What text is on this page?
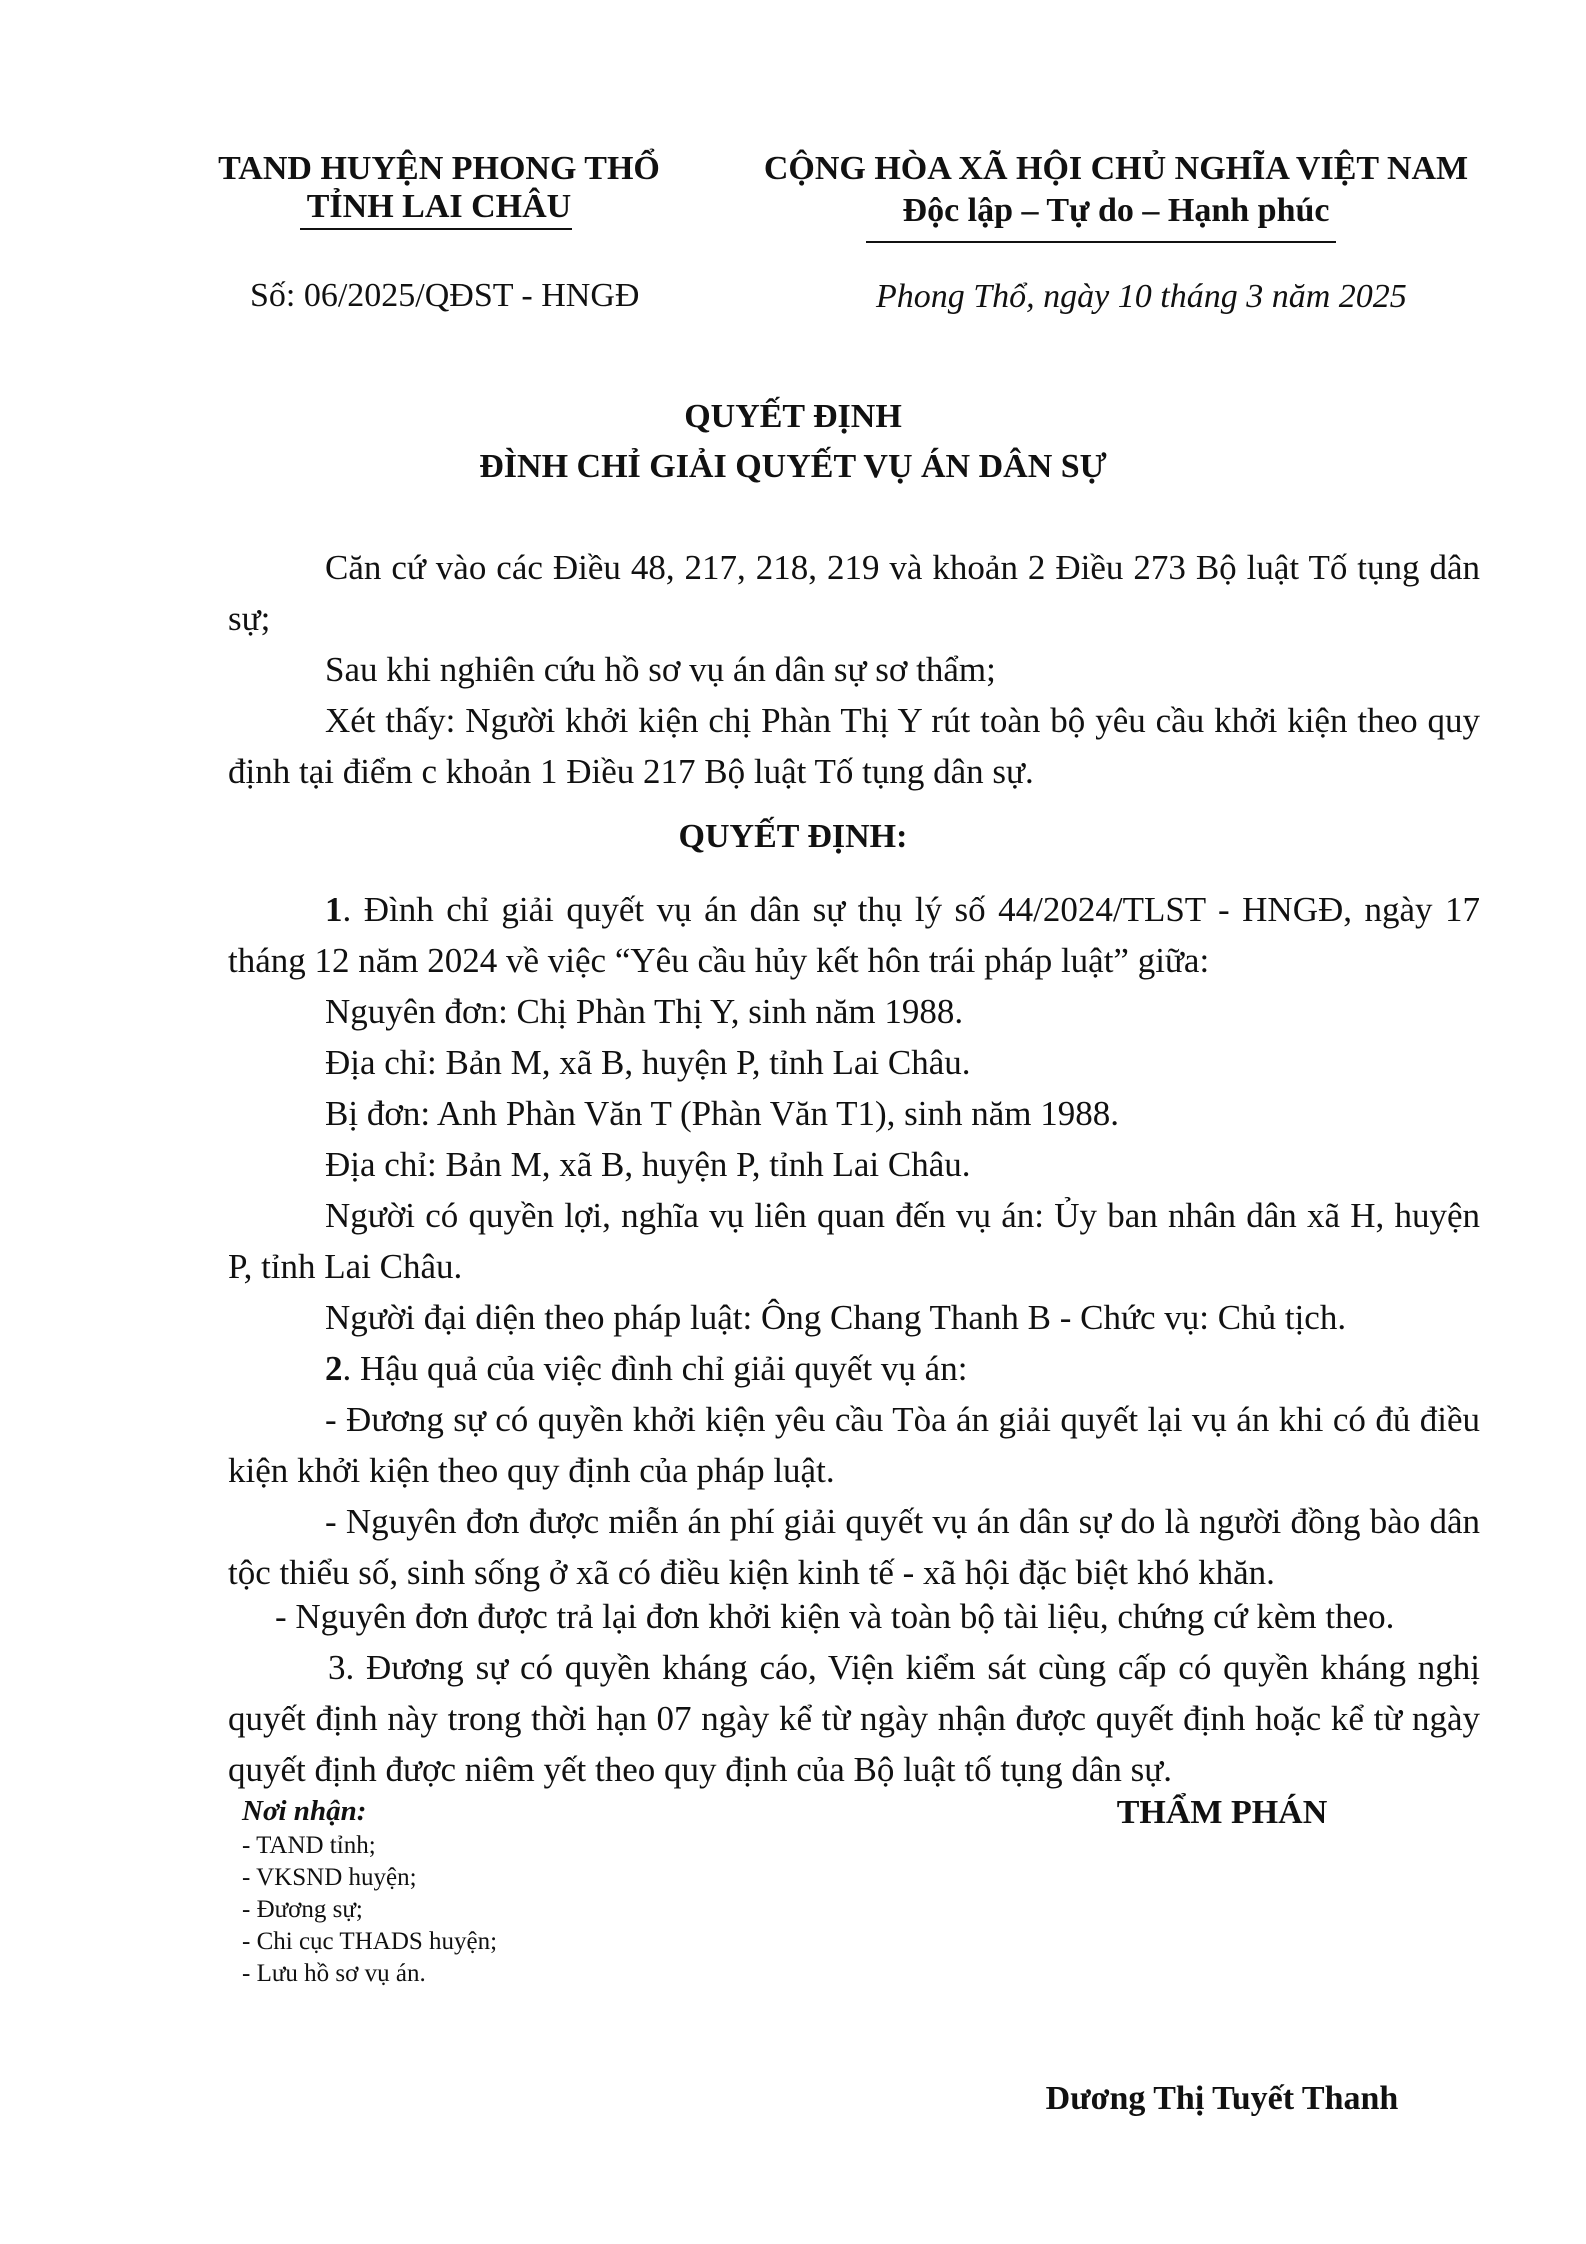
TAND HUYỆN PHONG THỔ
TỈNH LAI CHÂU
CỘNG HÒA XÃ HỘI CHỦ NGHĨA VIỆT NAM
Độc lập – Tự do – Hạnh phúc
Số: 06/2025/QĐST - HNGĐ	Phong Thổ, ngày 10 tháng 3 năm 2025
QUYẾT ĐỊNH
ĐÌNH CHỈ GIẢI QUYẾT VỤ ÁN DÂN SỰ
Căn cứ vào các Điều 48, 217, 218, 219 và khoản 2 Điều 273 Bộ luật Tố tụng dân sự;
Sau khi nghiên cứu hồ sơ vụ án dân sự sơ thẩm;
Xét thấy: Người khởi kiện chị Phàn Thị Y rút toàn bộ yêu cầu khởi kiện theo quy định tại điểm c khoản 1 Điều 217 Bộ luật Tố tụng dân sự.
QUYẾT ĐỊNH:
1. Đình chỉ giải quyết vụ án dân sự thụ lý số 44/2024/TLST - HNGĐ, ngày 17 tháng 12 năm 2024 về việc “Yêu cầu hủy kết hôn trái pháp luật” giữa:
Nguyên đơn: Chị Phàn Thị Y, sinh năm 1988.
Địa chỉ: Bản M, xã B, huyện P, tỉnh Lai Châu.
Bị đơn: Anh Phàn Văn T (Phàn Văn T1), sinh năm 1988.
Địa chỉ: Bản M, xã B, huyện P, tỉnh Lai Châu.
Người có quyền lợi, nghĩa vụ liên quan đến vụ án: Ủy ban nhân dân xã H, huyện P, tỉnh Lai Châu.
Người đại diện theo pháp luật: Ông Chang Thanh B - Chức vụ: Chủ tịch.
2. Hậu quả của việc đình chỉ giải quyết vụ án:
- Đương sự có quyền khởi kiện yêu cầu Tòa án giải quyết lại vụ án khi có đủ điều kiện khởi kiện theo quy định của pháp luật.
- Nguyên đơn được miễn án phí giải quyết vụ án dân sự do là người đồng bào dân tộc thiểu số, sinh sống ở xã có điều kiện kinh tế - xã hội đặc biệt khó khăn.
- Nguyên đơn được trả lại đơn khởi kiện và toàn bộ tài liệu, chứng cứ kèm theo.
3. Đương sự có quyền kháng cáo, Viện kiểm sát cùng cấp có quyền kháng nghị quyết định này trong thời hạn 07 ngày kể từ ngày nhận được quyết định hoặc kể từ ngày quyết định được niêm yết theo quy định của Bộ luật tố tụng dân sự.
Nơi nhận:
- TAND tỉnh;
- VKSND huyện;
- Đương sự;
- Chi cục THADS huyện;
- Lưu hồ sơ vụ án.
THẨM PHÁN
Dương Thị Tuyết Thanh
